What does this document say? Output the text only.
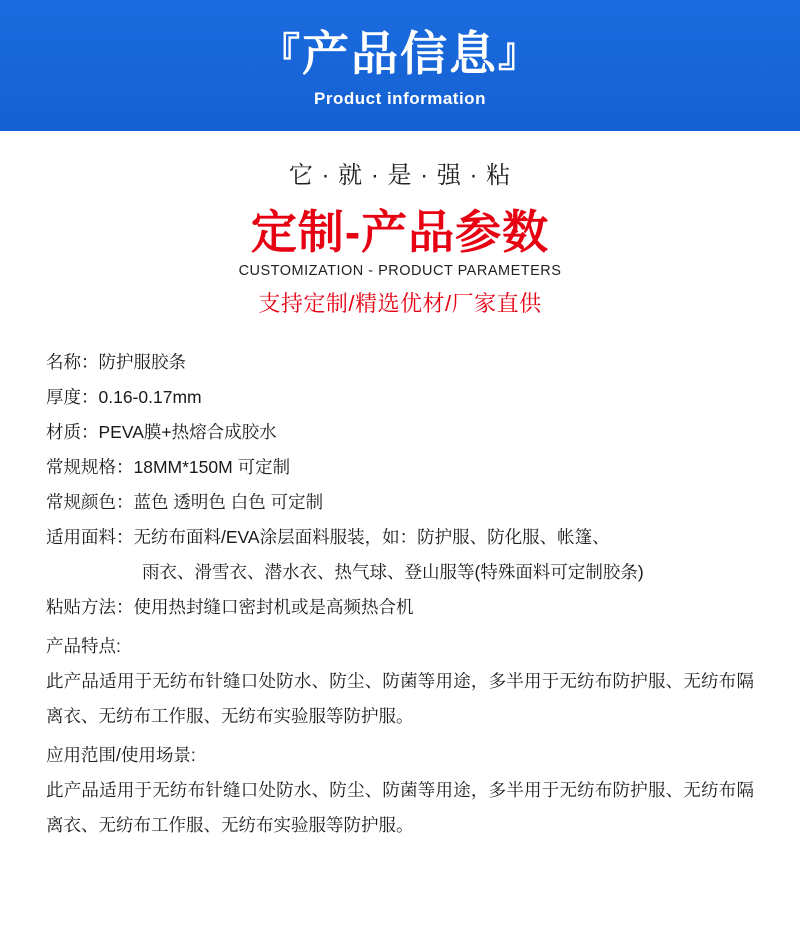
『产品信息』
Product information
它 · 就 · 是 · 强 · 粘
定制-产品参数
CUSTOMIZATION - PRODUCT PARAMETERS
支持定制/精选优材/厂家直供
名称：防护服胶条
厚度：0.16-0.17mm
材质：PEVA膜+热熔合成胶水
常规规格：18MM*150M 可定制
常规颜色：蓝色 透明色 白色 可定制
适用面料：无纺布面料/EVA涂层面料服装，如：防护服、防化服、帐篷、
雨衣、滑雪衣、潜水衣、热气球、登山服等(特殊面料可定制胶条)
粘贴方法：使用热封缝口密封机或是高频热合机
产品特点:
此产品适用于无纺布针缝口处防水、防尘、防菌等用途，多半用于无纺布防护服、无纺布隔离衣、无纺布工作服、无纺布实验服等防护服。
应用范围/使用场景:
此产品适用于无纺布针缝口处防水、防尘、防菌等用途，多半用于无纺布防护服、无纺布隔离衣、无纺布工作服、无纺布实验服等防护服。
